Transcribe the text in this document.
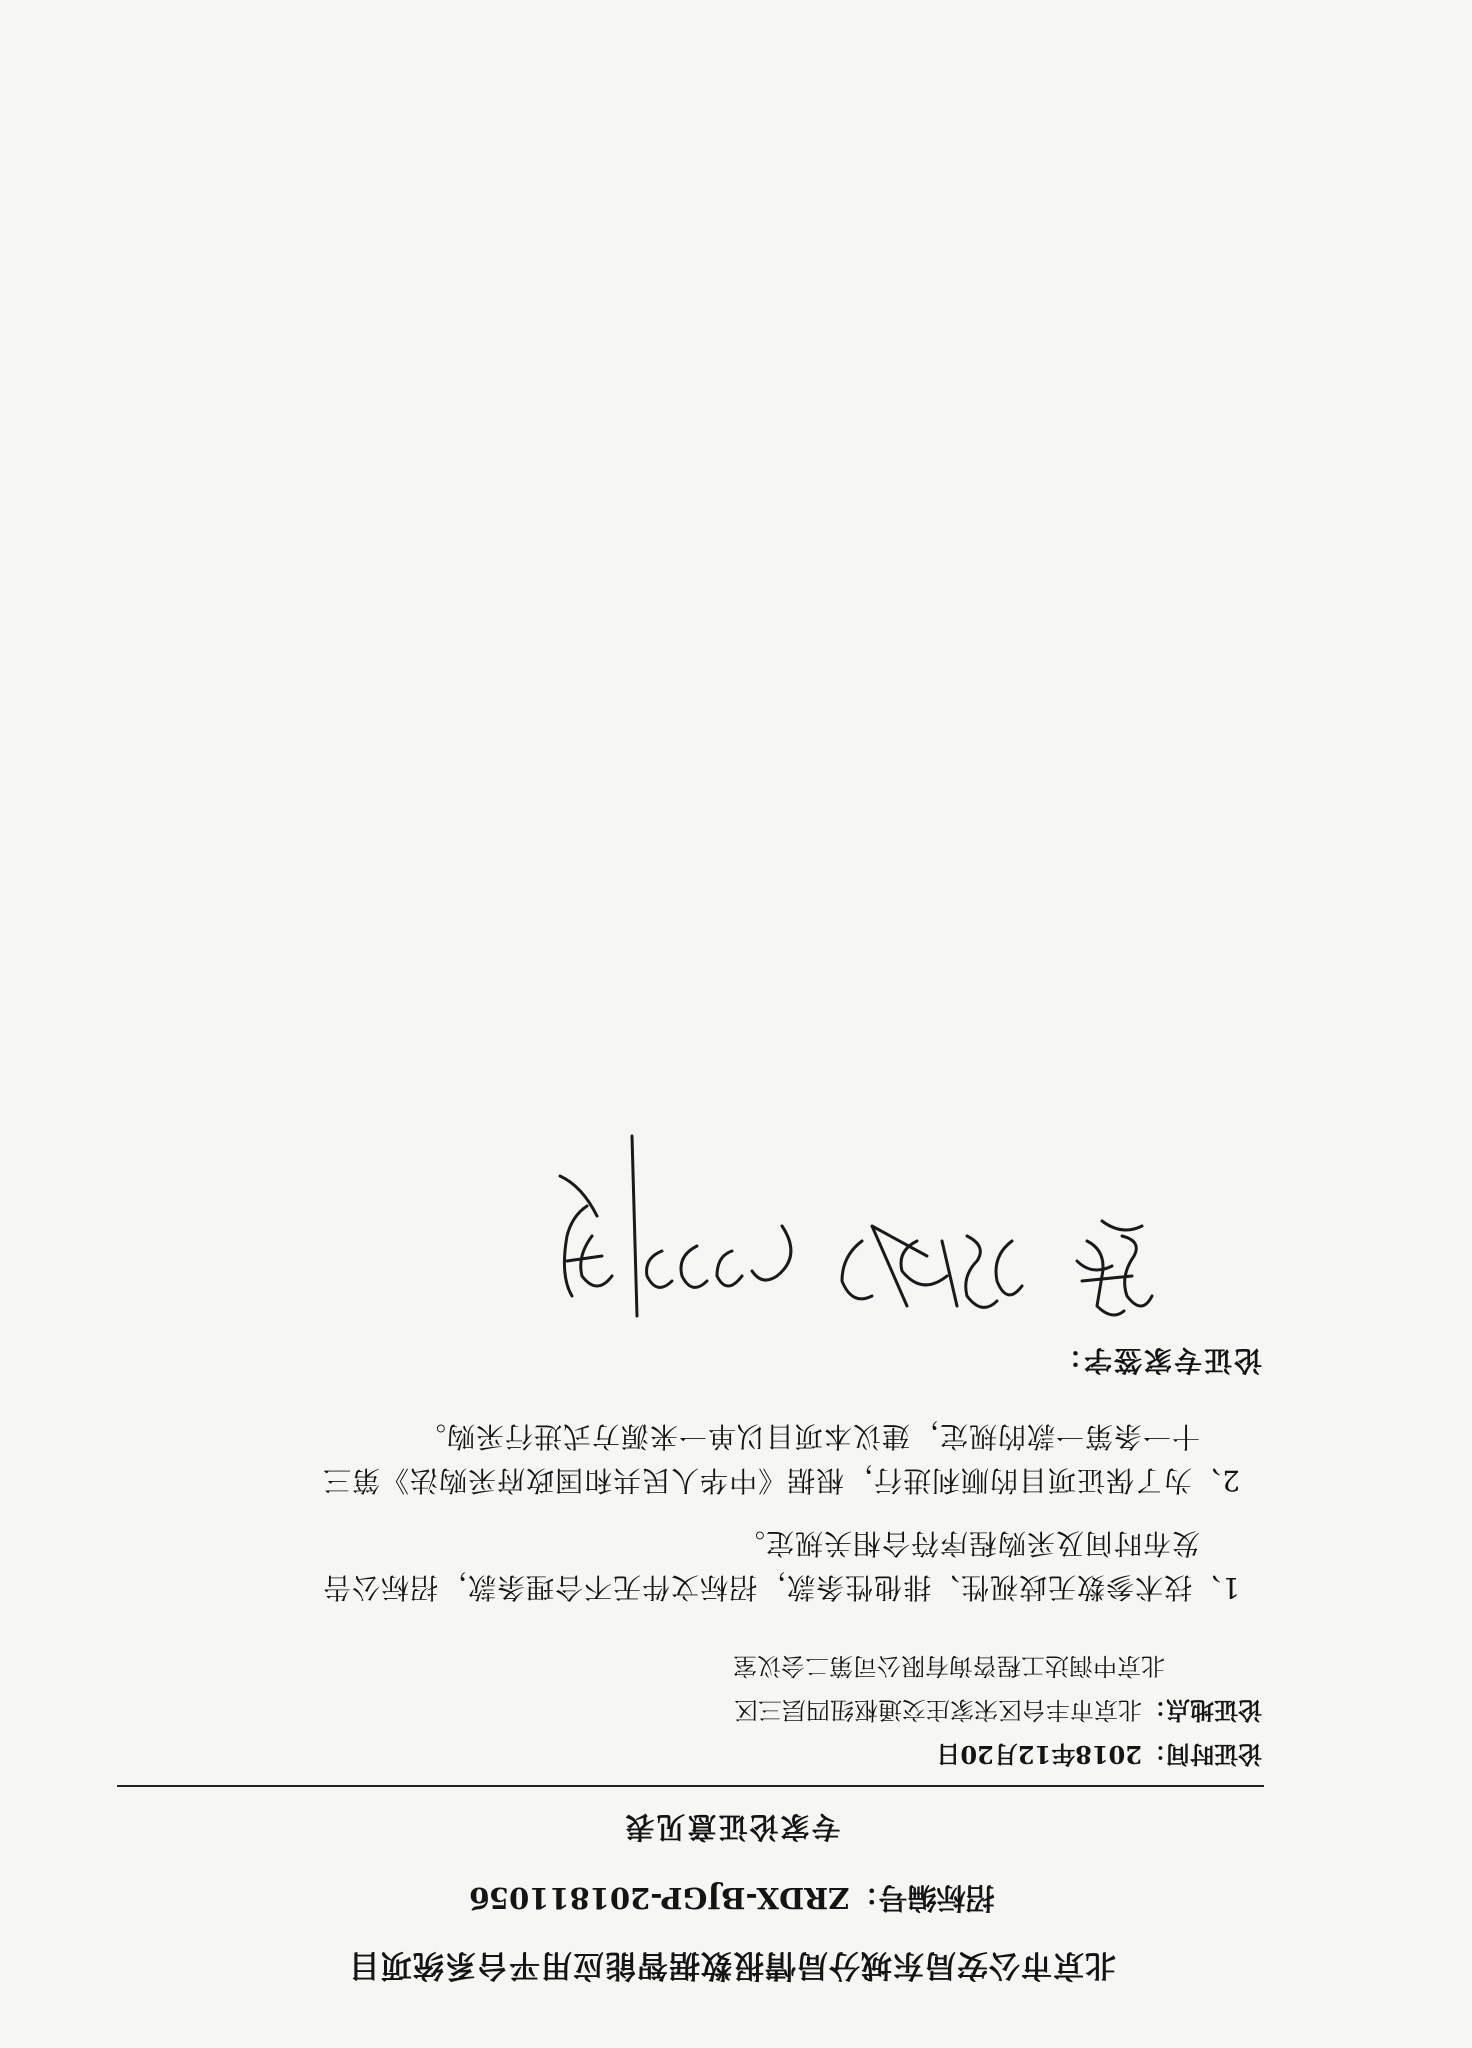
北京市公安局东城分局情报数据智能应用平台系统项目
招标编号：ZRDX-BJGP-20181105б
专家论证意见表
论证时间：2018年12月20日
论证地点：北京市丰台区宋家庄交通枢纽四层三区
北京中润达工程咨询有限公司第二会议室
1、技术参数无歧视性、排他性条款，招标文件无不合理条款，招标公告
发布时间及采购程序符合相关规定。
2、为了保证项目的顺利进行，根据《中华人民共和国政府采购法》第三
十一条第一款的规定，建议本项目以单一来源方式进行采购。
论证专家签字：
